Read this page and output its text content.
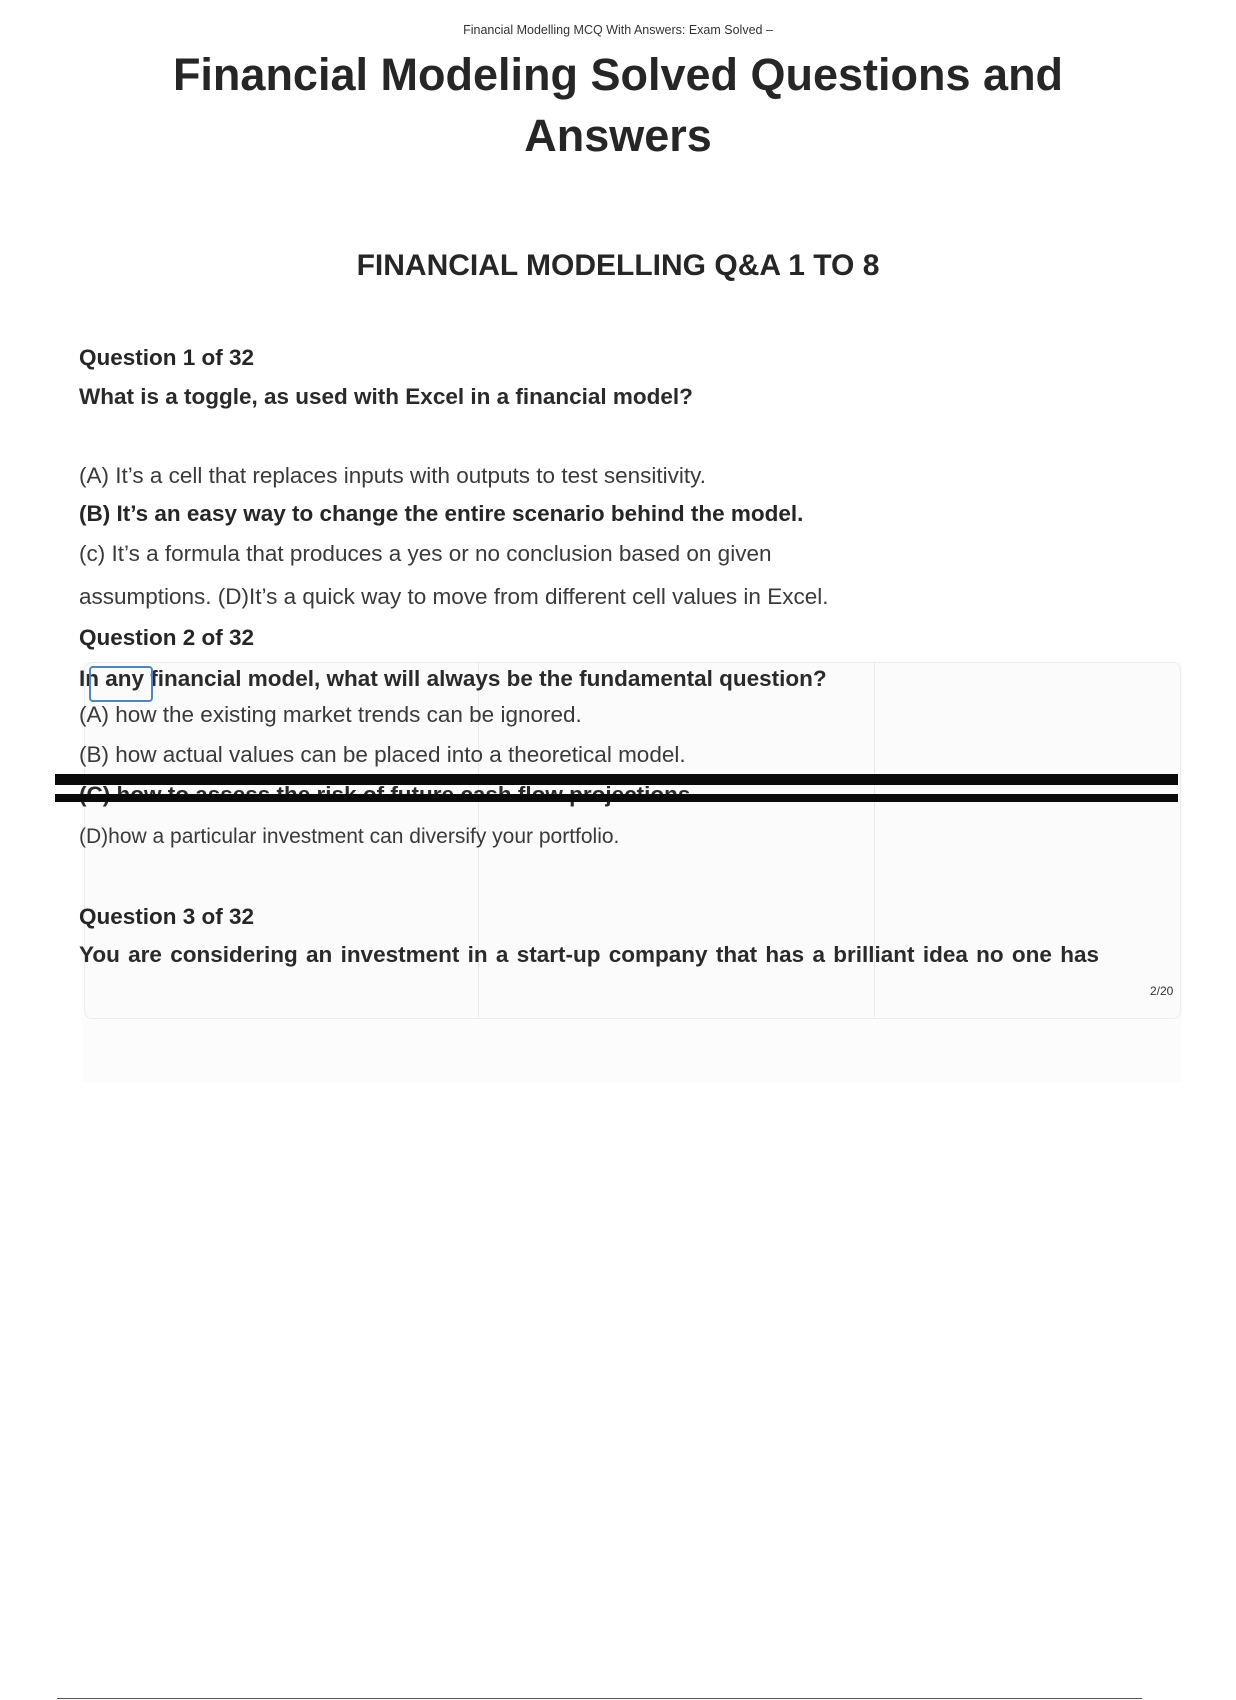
Financial Modelling MCQ With Answers: Exam Solved –
Financial Modeling Solved Questions and
Answers
FINANCIAL MODELLING Q&A 1 TO 8
Question 1 of 32
What is a toggle, as used with Excel in a financial model?
(A) It’s a cell that replaces inputs with outputs to test sensitivity.
(B) It’s an easy way to change the entire scenario behind the model.
(c) It’s a formula that produces a yes or no conclusion based on given
assumptions. (D)It’s a quick way to move from different cell values in Excel.
Question 2 of 32
In any financial model, what will always be the fundamental question?
(A) how the existing market trends can be ignored.
(B) how actual values can be placed into a theoretical model.
(D)how a particular investment can diversify your portfolio.
Question 3 of 32
You are considering an investment in a start-up company that has a brilliant idea no one has
2/20
